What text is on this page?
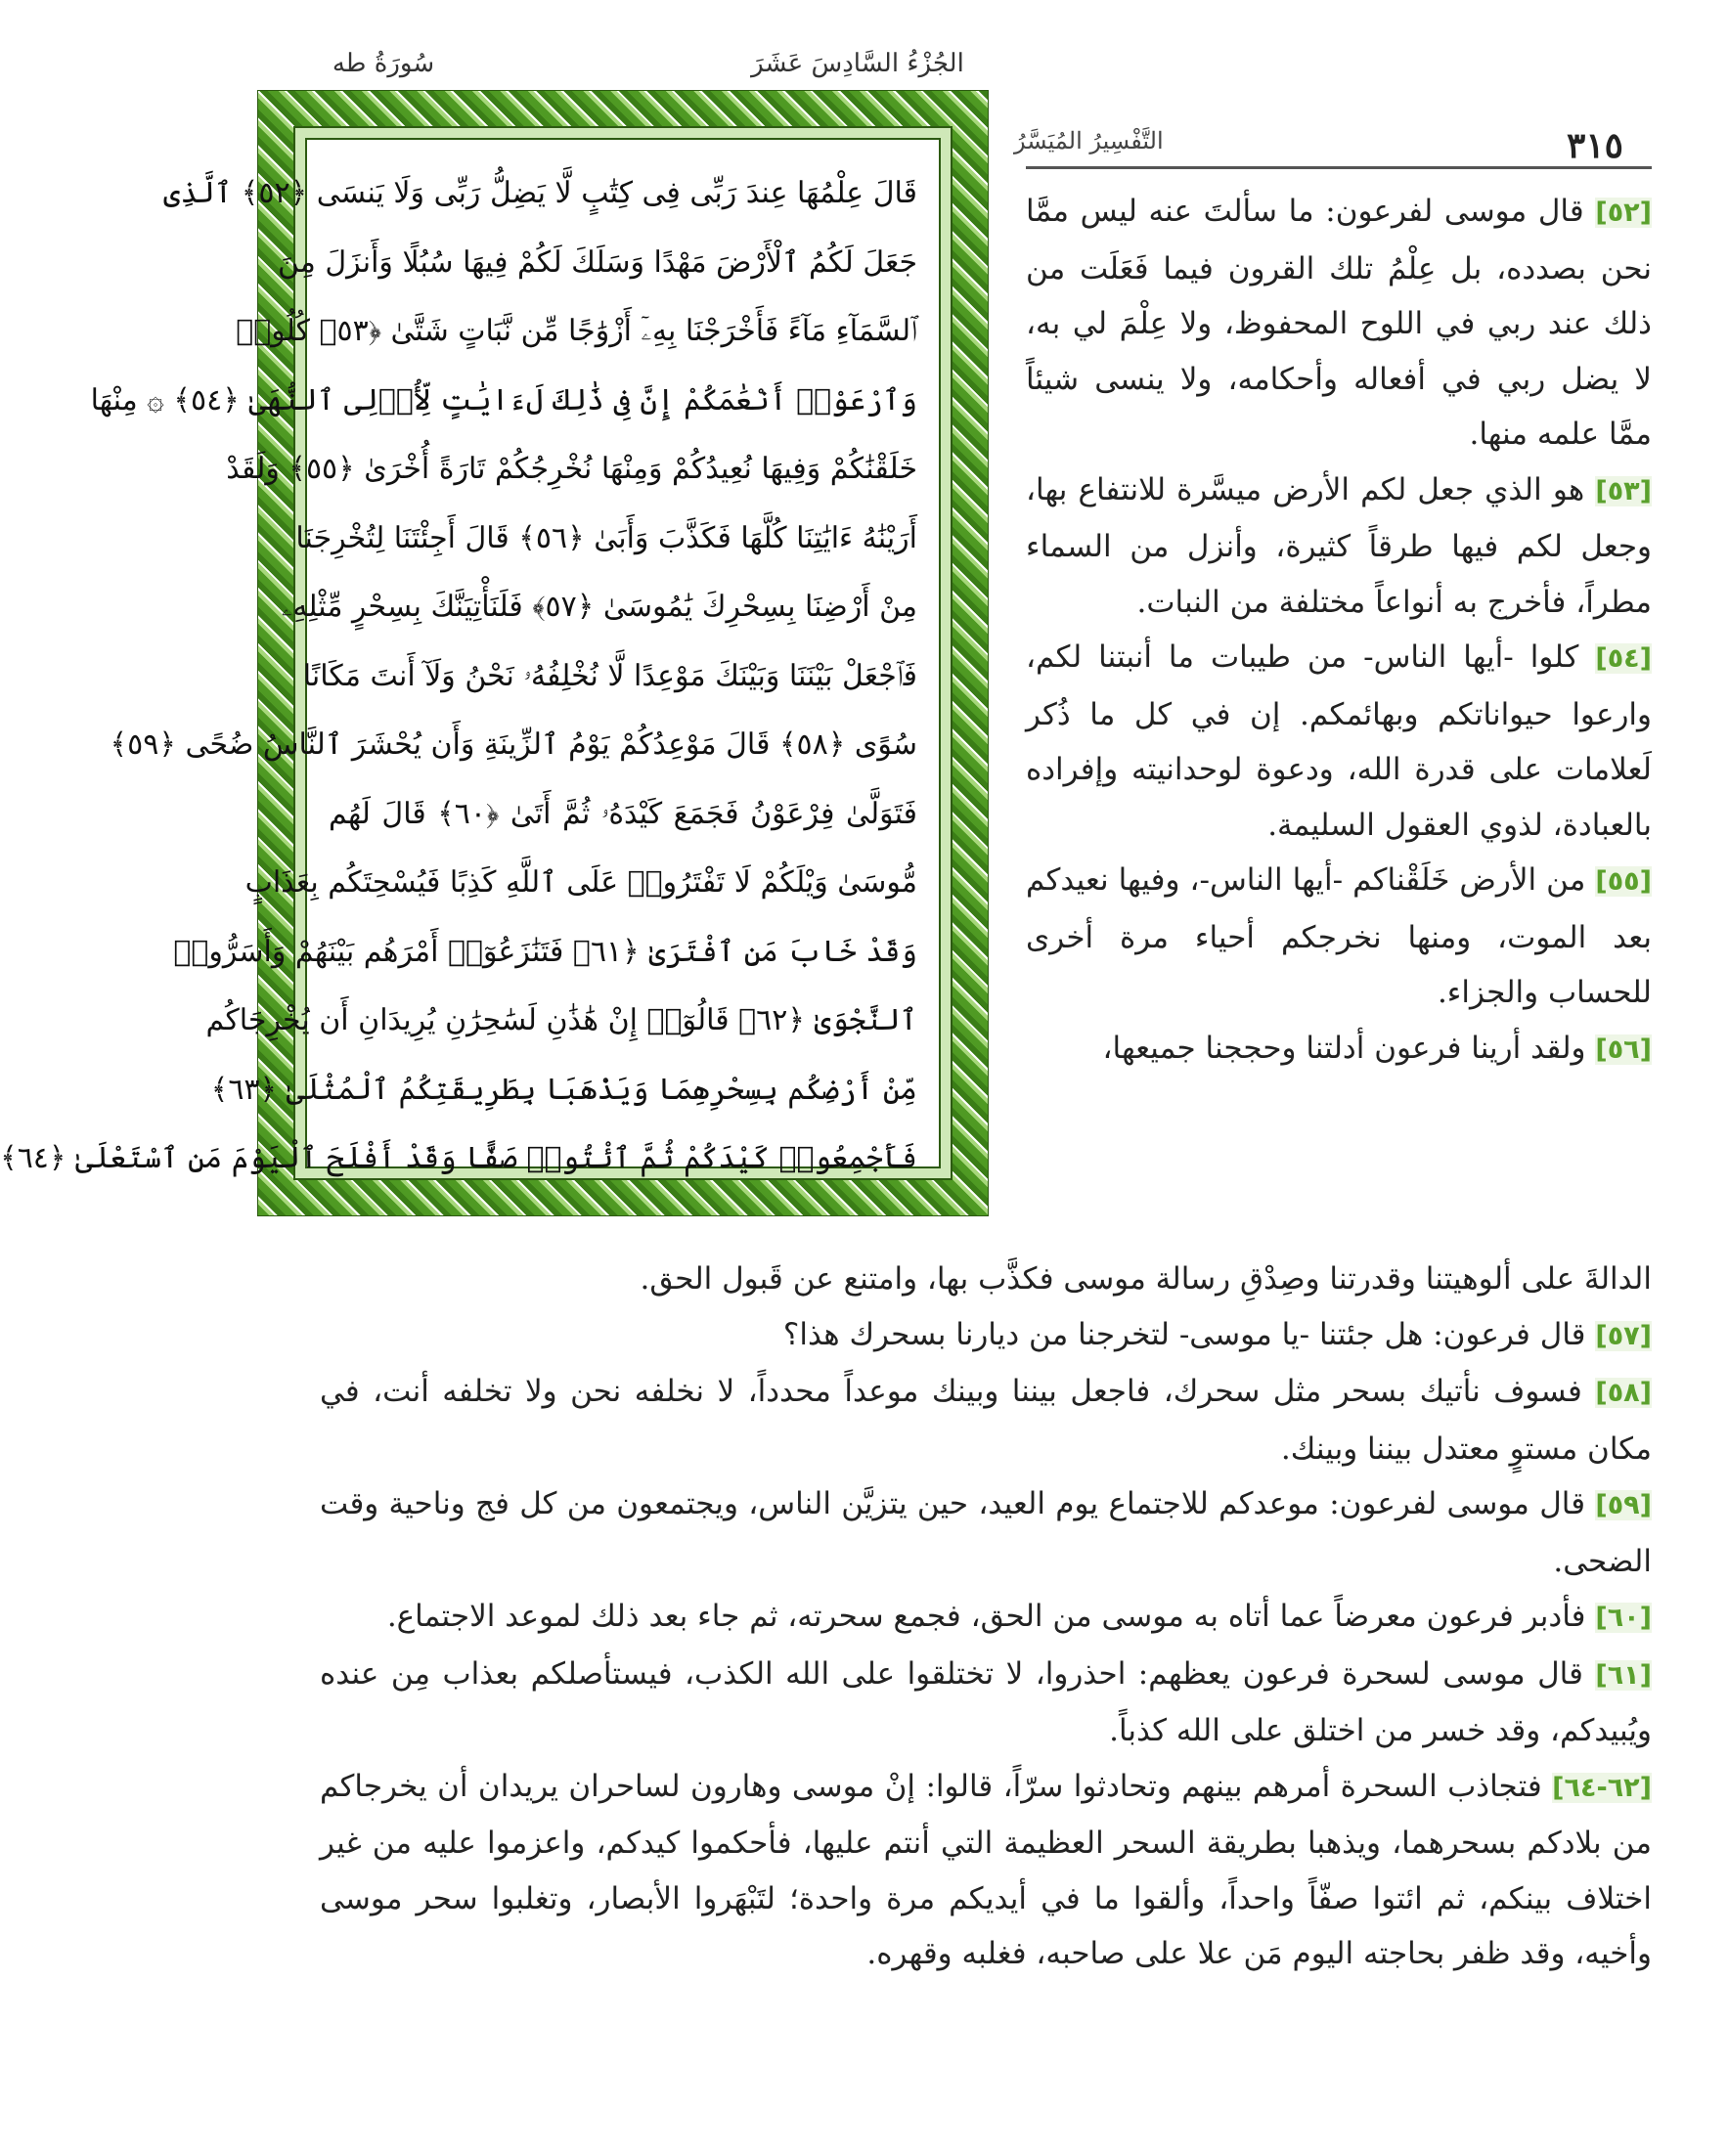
الجُزْءُ السَّادِسَ عَشَرَ
سُورَةُ طه
٣١٥
التَّفْسِيرُ المُيَسَّرُ
قَالَ عِلْمُهَا عِندَ رَبِّى فِى كِتَٰبٍ لَّا يَضِلُّ رَبِّى وَلَا يَنسَى ﴿٥٢﴾ ٱلَّذِى
جَعَلَ لَكُمُ ٱلْأَرْضَ مَهْدًا وَسَلَكَ لَكُمْ فِيهَا سُبُلًا وَأَنزَلَ مِنَ
ٱلسَّمَآءِ مَآءً فَأَخْرَجْنَا بِهِۦٓ أَزْوَٰجًا مِّن نَّبَاتٍ شَتَّىٰ ﴿٥٣﴾ كُلُوا۟
وَٱرْعَوْا۟ أَنْعَٰمَكُمْ إِنَّ فِى ذَٰلِكَ لَءَايَٰتٍ لِّأُو۟لِى ٱلنُّهَىٰ ﴿٥٤﴾ ۞ مِنْهَا
خَلَقْنَٰكُمْ وَفِيهَا نُعِيدُكُمْ وَمِنْهَا نُخْرِجُكُمْ تَارَةً أُخْرَىٰ ﴿٥٥﴾ وَلَقَدْ
أَرَيْنَٰهُ ءَايَٰتِنَا كُلَّهَا فَكَذَّبَ وَأَبَىٰ ﴿٥٦﴾ قَالَ أَجِئْتَنَا لِتُخْرِجَنَا
مِنْ أَرْضِنَا بِسِحْرِكَ يَٰمُوسَىٰ ﴿٥٧﴾ فَلَنَأْتِيَنَّكَ بِسِحْرٍ مِّثْلِهِۦ
فَٱجْعَلْ بَيْنَنَا وَبَيْنَكَ مَوْعِدًا لَّا نُخْلِفُهُۥ نَحْنُ وَلَآ أَنتَ مَكَانًا
سُوًى ﴿٥٨﴾ قَالَ مَوْعِدُكُمْ يَوْمُ ٱلزِّينَةِ وَأَن يُحْشَرَ ٱلنَّاسُ ضُحًى ﴿٥٩﴾
فَتَوَلَّىٰ فِرْعَوْنُ فَجَمَعَ كَيْدَهُۥ ثُمَّ أَتَىٰ ﴿٦٠﴾ قَالَ لَهُم
مُّوسَىٰ وَيْلَكُمْ لَا تَفْتَرُوا۟ عَلَى ٱللَّهِ كَذِبًا فَيُسْحِتَكُم بِعَذَابٍ
وَقَدْ خَابَ مَنِ ٱفْتَرَىٰ ﴿٦١﴾ فَتَنَٰزَعُوٓا۟ أَمْرَهُم بَيْنَهُمْ وَأَسَرُّوا۟
ٱلنَّجْوَىٰ ﴿٦٢﴾ قَالُوٓا۟ إِنْ هَٰذَٰنِ لَسَٰحِرَٰنِ يُرِيدَانِ أَن يُخْرِجَاكُم
مِّنْ أَرْضِكُم بِسِحْرِهِمَا وَيَذْهَبَا بِطَرِيقَتِكُمُ ٱلْمُثْلَىٰ ﴿٦٣﴾
فَأَجْمِعُوا۟ كَيْدَكُمْ ثُمَّ ٱئْتُوا۟ صَفًّا وَقَدْ أَفْلَحَ ٱلْيَوْمَ مَنِ ٱسْتَعْلَىٰ ﴿٦٤﴾

[٥٢] قال موسى لفرعون: ما سألتَ عنه ليس ممَّا نحن بصدده، بل عِلْمُ تلك القرون فيما فَعَلَت من ذلك عند ربي في اللوح المحفوظ، ولا عِلْمَ لي به، لا يضل ربي في أفعاله وأحكامه، ولا ينسى شيئاً ممَّا علمه منها.

[٥٣] هو الذي جعل لكم الأرض ميسَّرة للانتفاع بها، وجعل لكم فيها طرقاً كثيرة، وأنزل من السماء مطراً، فأخرج به أنواعاً مختلفة من النبات.

[٥٤] كلوا -أيها الناس- من طيبات ما أنبتنا لكم، وارعوا حيواناتكم وبهائمكم. إن في كل ما ذُكر لَعلامات على قدرة الله، ودعوة لوحدانيته وإفراده بالعبادة، لذوي العقول السليمة.

[٥٥] من الأرض خَلَقْناكم -أيها الناس-، وفيها نعيدكم بعد الموت، ومنها نخرجكم أحياء مرة أخرى للحساب والجزاء.

[٥٦] ولقد أرينا فرعون أدلتنا وحججنا جميعها،

الدالةَ على ألوهيتنا وقدرتنا وصِدْقِ رسالة موسى فكذَّب بها، وامتنع عن قَبول الحق.

[٥٧] قال فرعون: هل جئتنا -يا موسى- لتخرجنا من ديارنا بسحرك هذا؟

[٥٨] فسوف نأتيك بسحر مثل سحرك، فاجعل بيننا وبينك موعداً محدداً، لا نخلفه نحن ولا تخلفه أنت، في مكان مستوٍ معتدل بيننا وبينك.

[٥٩] قال موسى لفرعون: موعدكم للاجتماع يوم العيد، حين يتزيَّن الناس، ويجتمعون من كل فج وناحية وقت الضحى.

[٦٠] فأدبر فرعون معرضاً عما أتاه به موسى من الحق، فجمع سحرته، ثم جاء بعد ذلك لموعد الاجتماع.

[٦١] قال موسى لسحرة فرعون يعظهم: احذروا، لا تختلقوا على الله الكذب، فيستأصلكم بعذاب مِن عنده ويُبيدكم، وقد خسر من اختلق على الله كذباً.

[٦٢-٦٤] فتجاذب السحرة أمرهم بينهم وتحادثوا سرّاً، قالوا: إنْ موسى وهارون لساحران يريدان أن يخرجاكم من بلادكم بسحرهما، ويذهبا بطريقة السحر العظيمة التي أنتم عليها، فأحكموا كيدكم، واعزموا عليه من غير اختلاف بينكم، ثم ائتوا صفّاً واحداً، وألقوا ما في أيديكم مرة واحدة؛ لتَبْهَروا الأبصار، وتغلبوا سحر موسى وأخيه، وقد ظفر بحاجته اليوم مَن علا على صاحبه، فغلبه وقهره.
